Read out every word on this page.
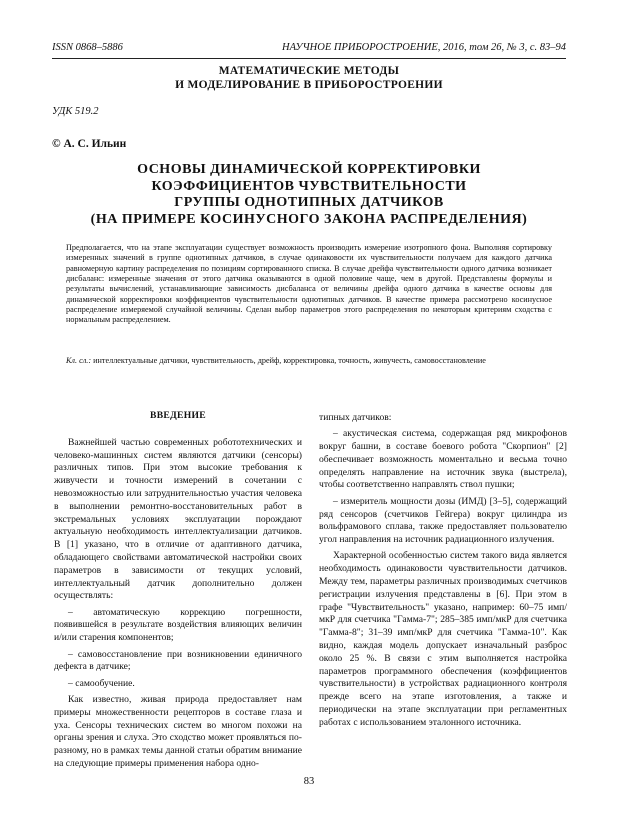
ISSN 0868–5886	НАУЧНОЕ ПРИБОРОСТРОЕНИЕ, 2016, том 26, № 3, c. 83–94
МАТЕМАТИЧЕСКИЕ МЕТОДЫ
И МОДЕЛИРОВАНИЕ В ПРИБОРОСТРОЕНИИ
УДК 519.2
© А. С. Ильин
ОСНОВЫ ДИНАМИЧЕСКОЙ КОРРЕКТИРОВКИ
КОЭФФИЦИЕНТОВ ЧУВСТВИТЕЛЬНОСТИ
ГРУППЫ ОДНОТИПНЫХ ДАТЧИКОВ
(НА ПРИМЕРЕ КОСИНУСНОГО ЗАКОНА РАСПРЕДЕЛЕНИЯ)
Предполагается, что на этапе эксплуатации существует возможность производить измерение изотропного фона. Выполняя сортировку измеренных значений в группе однотипных датчиков, в случае одинаковости их чувствительности получаем для каждого датчика равномерную картину распределения по позициям сортированного списка. В случае дрейфа чувствительности одного датчика возникает дисбаланс: измеренные значения от этого датчика оказываются в одной половине чаще, чем в другой. Представлены формулы и результаты вычислений, устанавливающие зависимость дисбаланса от величины дрейфа одного датчика в качестве основы для динамической корректировки коэффициентов чувствительности однотипных датчиков. В качестве примера рассмотрено косинусное распределение измеряемой случайной величины. Сделан выбор параметров этого распределения по некоторым критериям сходства с нормальным распределением.
Кл. сл.: интеллектуальные датчики, чувствительность, дрейф, корректировка, точность, живучесть, самовосстановление
ВВЕДЕНИЕ

Важнейшей частью современных робототехнических и человеко-машинных систем являются датчики (сенсоры) различных типов. При этом высокие требования к живучести и точности измерений в сочетании с невозможностью или затруднительностью участия человека в выполнении ремонтно-восстановительных работ в экстремальных условиях эксплуатации порождают актуальную необходимость интеллектуализации датчиков. В [1] указано, что в отличие от адаптивного датчика, обладающего свойствами автоматической настройки своих параметров в зависимости от текущих условий, интеллектуальный датчик дополнительно должен осуществлять:

– автоматическую коррекцию погрешности, появившейся в результате воздействия влияющих величин и/или старения компонентов;

– самовосстановление при возникновении единичного дефекта в датчике;

– самообучение.

Как известно, живая природа предоставляет нам примеры множественности рецепторов в составе глаза и уха. Сенсоры технических систем во многом похожи на органы зрения и слуха. Это сходство может проявляться по-разному, но в рамках темы данной статьи обратим внимание на следующие примеры применения набора одно-

типных датчиков:

– акустическая система, содержащая ряд микрофонов вокруг башни, в составе боевого робота "Скорпион" [2] обеспечивает возможность моментально и весьма точно определять направление на источник звука (выстрела), чтобы соответственно направлять ствол пушки;

– измеритель мощности дозы (ИМД) [3–5], содержащий ряд сенсоров (счетчиков Гейгера) вокруг цилиндра из вольфрамового сплава, также предоставляет пользователю угол направления на источник радиационного излучения.

Характерной особенностью систем такого вида является необходимость одинаковости чувствительности датчиков. Между тем, параметры различных производимых счетчиков регистрации излучения представлены в [6]. При этом в графе "Чувствительность" указано, например: 60–75 имп/мкР для счетчика "Гамма-7"; 285–385 имп/мкР для счетчика "Гамма-8"; 31–39 имп/мкР для счетчика "Гамма-10". Как видно, каждая модель допускает изначальный разброс около 25 %. В связи с этим выполняется настройка параметров программного обеспечения (коэффициентов чувствительности) в устройствах радиационного контроля прежде всего на этапе изготовления, а также и периодически на этапе эксплуатации при регламентных работах с использованием эталонного источника.

83
